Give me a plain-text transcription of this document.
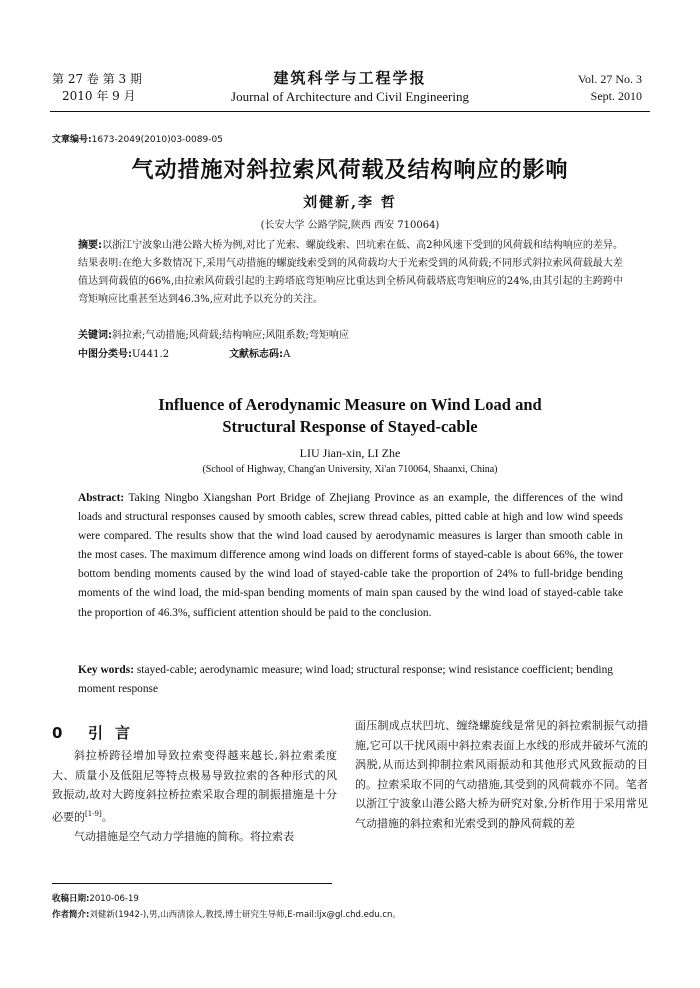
第 27 卷 第 3 期
2010 年 9 月
建筑科学与工程学报
Journal of Architecture and Civil Engineering
Vol. 27 No. 3
Sept. 2010
文章编号:1673-2049(2010)03-0089-05
气动措施对斜拉索风荷载及结构响应的影响
刘健新,李 哲
(长安大学 公路学院,陕西 西安 710064)
摘要:以浙江宁波象山港公路大桥为例,对比了光索、螺旋线索、凹坑索在低、高2种风速下受到的风荷载和结构响应的差异。结果表明:在绝大多数情况下,采用气动措施的螺旋线索受到的风荷载均大于光索受到的风荷载;不同形式斜拉索风荷载最大差值达到荷载值的66%,由拉索风荷载引起的主跨塔底弯矩响应比重达到全桥风荷载塔底弯矩响应的24%,由其引起的主跨跨中弯矩响应比重甚至达到46.3%,应对此予以充分的关注。
关键词:斜拉索;气动措施;风荷载;结构响应;风阻系数;弯矩响应
中图分类号:U441.2	文献标志码:A
Influence of Aerodynamic Measure on Wind Load and
Structural Response of Stayed-cable
LIU Jian-xin, LI Zhe
(School of Highway, Chang'an University, Xi'an 710064, Shaanxi, China)
Abstract: Taking Ningbo Xiangshan Port Bridge of Zhejiang Province as an example, the differences of the wind loads and structural responses caused by smooth cables, screw thread cables, pitted cable at high and low wind speeds were compared. The results show that the wind load caused by aerodynamic measures is larger than smooth cable in the most cases. The maximum difference among wind loads on different forms of stayed-cable is about 66%, the tower bottom bending moments caused by the wind load of stayed-cable take the proportion of 24% to full-bridge bending moments of the wind load, the mid-span bending moments of main span caused by the wind load of stayed-cable take the proportion of 46.3%, sufficient attention should be paid to the conclusion.
Key words: stayed-cable; aerodynamic measure; wind load; structural response; wind resistance coefficient; bending moment response
0 引言

斜拉桥跨径增加导致拉索变得越来越长,斜拉索柔度大、质量小及低阻尼等特点极易导致拉索的各种形式的风致振动,故对大跨度斜拉桥拉索采取合理的制振措施是十分必要的[1-9]。

气动措施是空气动力学措施的简称。将拉索表

面压制成点状凹坑、缠绕螺旋线是常见的斜拉索制振气动措施,它可以干扰风雨中斜拉索表面上水线的形成并破坏气流的涡脱,从而达到抑制拉索风雨振动和其他形式风致振动的目的。拉索采取不同的气动措施,其受到的风荷载亦不同。笔者以浙江宁波象山港公路大桥为研究对象,分析作用于采用常见气动措施的斜拉索和光索受到的静风荷载的差

收稿日期:2010-06-19
作者简介:刘健新(1942-),男,山西清徐人,教授,博士研究生导师,E-mail:ljx@gl.chd.edu.cn。
